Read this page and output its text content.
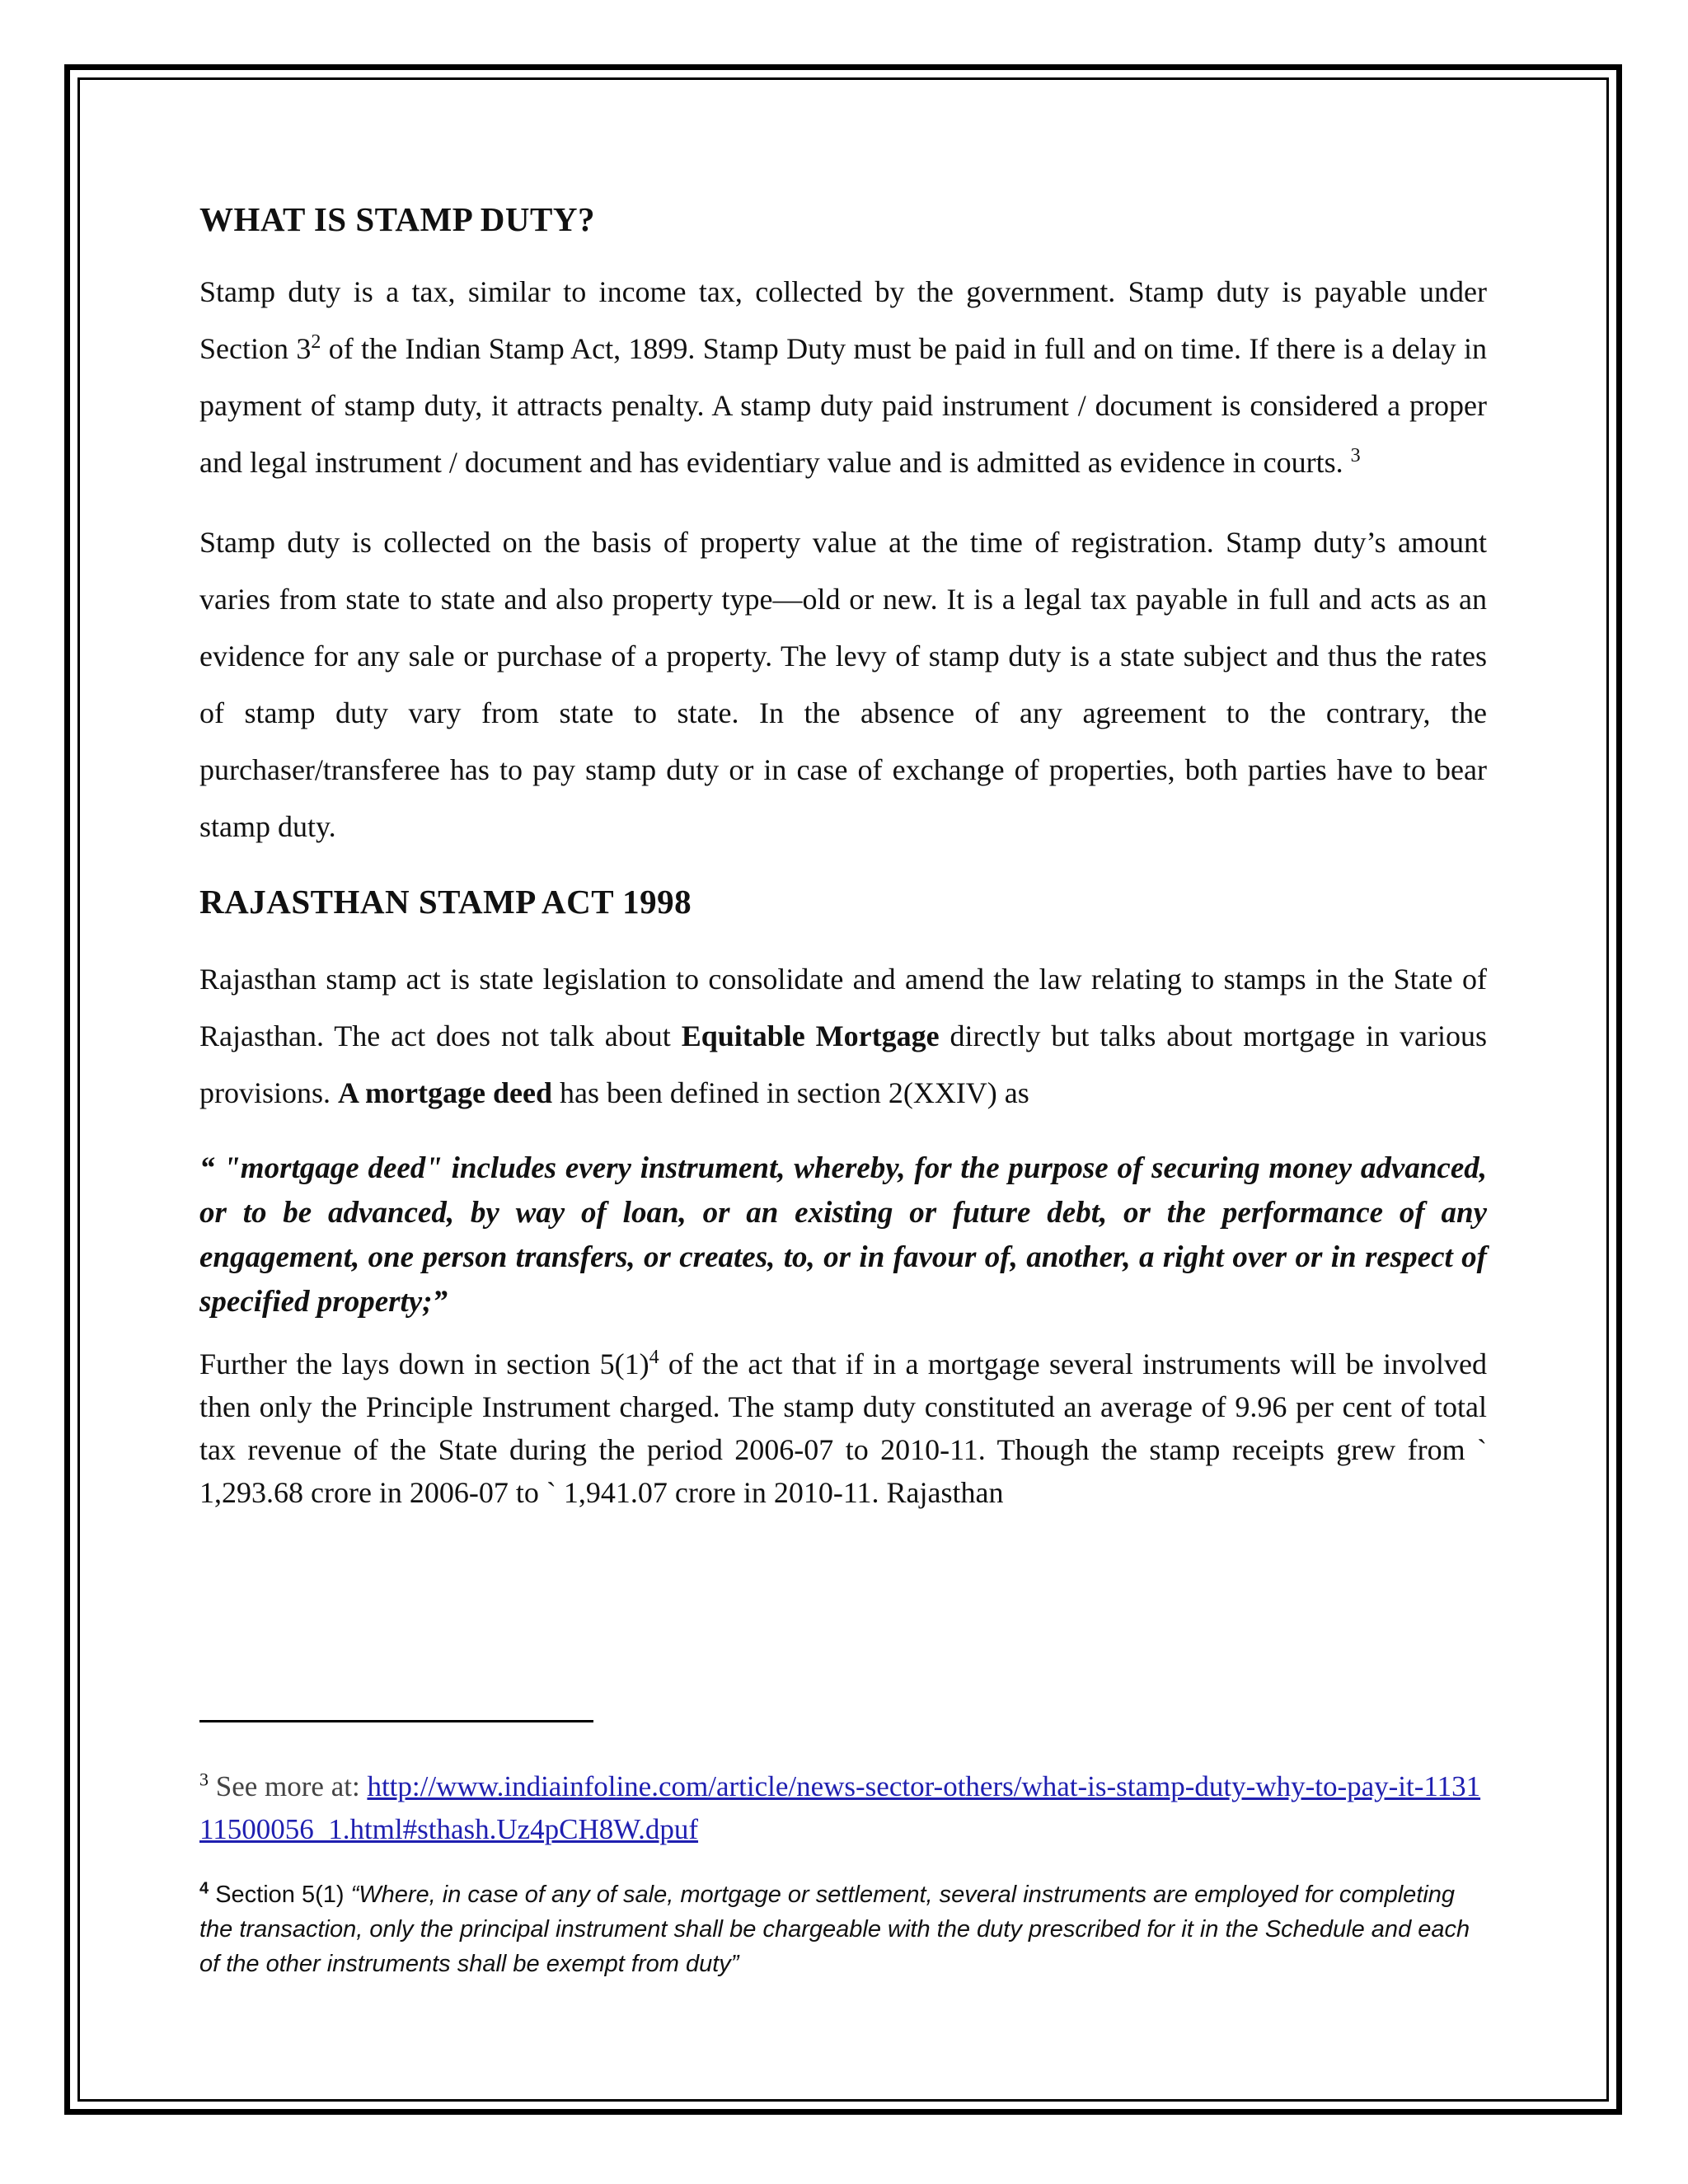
WHAT IS STAMP DUTY?

Stamp duty is a tax, similar to income tax, collected by the government. Stamp duty is payable under Section $3^2$ of the Indian Stamp Act, 1899. Stamp Duty must be paid in full and on time. If there is a delay in payment of stamp duty, it attracts penalty. A stamp duty paid instrument / document is considered a proper and legal instrument / document and has evidentiary value and is admitted as evidence in courts. $^3$

Stamp duty is collected on the basis of property value at the time of registration. Stamp duty’s amount varies from state to state and also property type—old or new. It is a legal tax payable in full and acts as an evidence for any sale or purchase of a property. The levy of stamp duty is a state subject and thus the rates of stamp duty vary from state to state. In the absence of any agreement to the contrary, the purchaser/transferee has to pay stamp duty or in case of exchange of properties, both parties have to bear stamp duty.

RAJASTHAN STAMP ACT 1998

Rajasthan stamp act is state legislation to consolidate and amend the law relating to stamps in the State of Rajasthan. The act does not talk about Equitable Mortgage directly but talks about mortgage in various provisions. A mortgage deed has been defined in section 2(XXIV) as

“ "mortgage deed" includes every instrument, whereby, for the purpose of securing money advanced, or to be advanced, by way of loan, or an existing or future debt, or the performance of any engagement, one person transfers, or creates, to, or in favour of, another, a right over or in respect of specified property;”

Further the lays down in section $5(1)^4$ of the act that if in a mortgage several instruments will be involved then only the Principle Instrument charged. The stamp duty constituted an average of 9.96 per cent of total tax revenue of the State during the period 2006-07 to 2010-11. Though the stamp receipts grew from ` 1,293.68 crore in 2006-07 to ` 1,941.07 crore in 2010-11. Rajasthan

$^3$ See more at: http://www.indiainfoline.com/article/news-sector-others/what-is-stamp-duty-why-to-pay-it-113111500056_1.html#sthash.Uz4pCH8W.dpuf
$^4$ Section 5(1) “Where, in case of any of sale, mortgage or settlement, several instruments are employed for completing the transaction, only the principal instrument shall be chargeable with the duty prescribed for it in the Schedule and each of the other instruments shall be exempt from duty”
